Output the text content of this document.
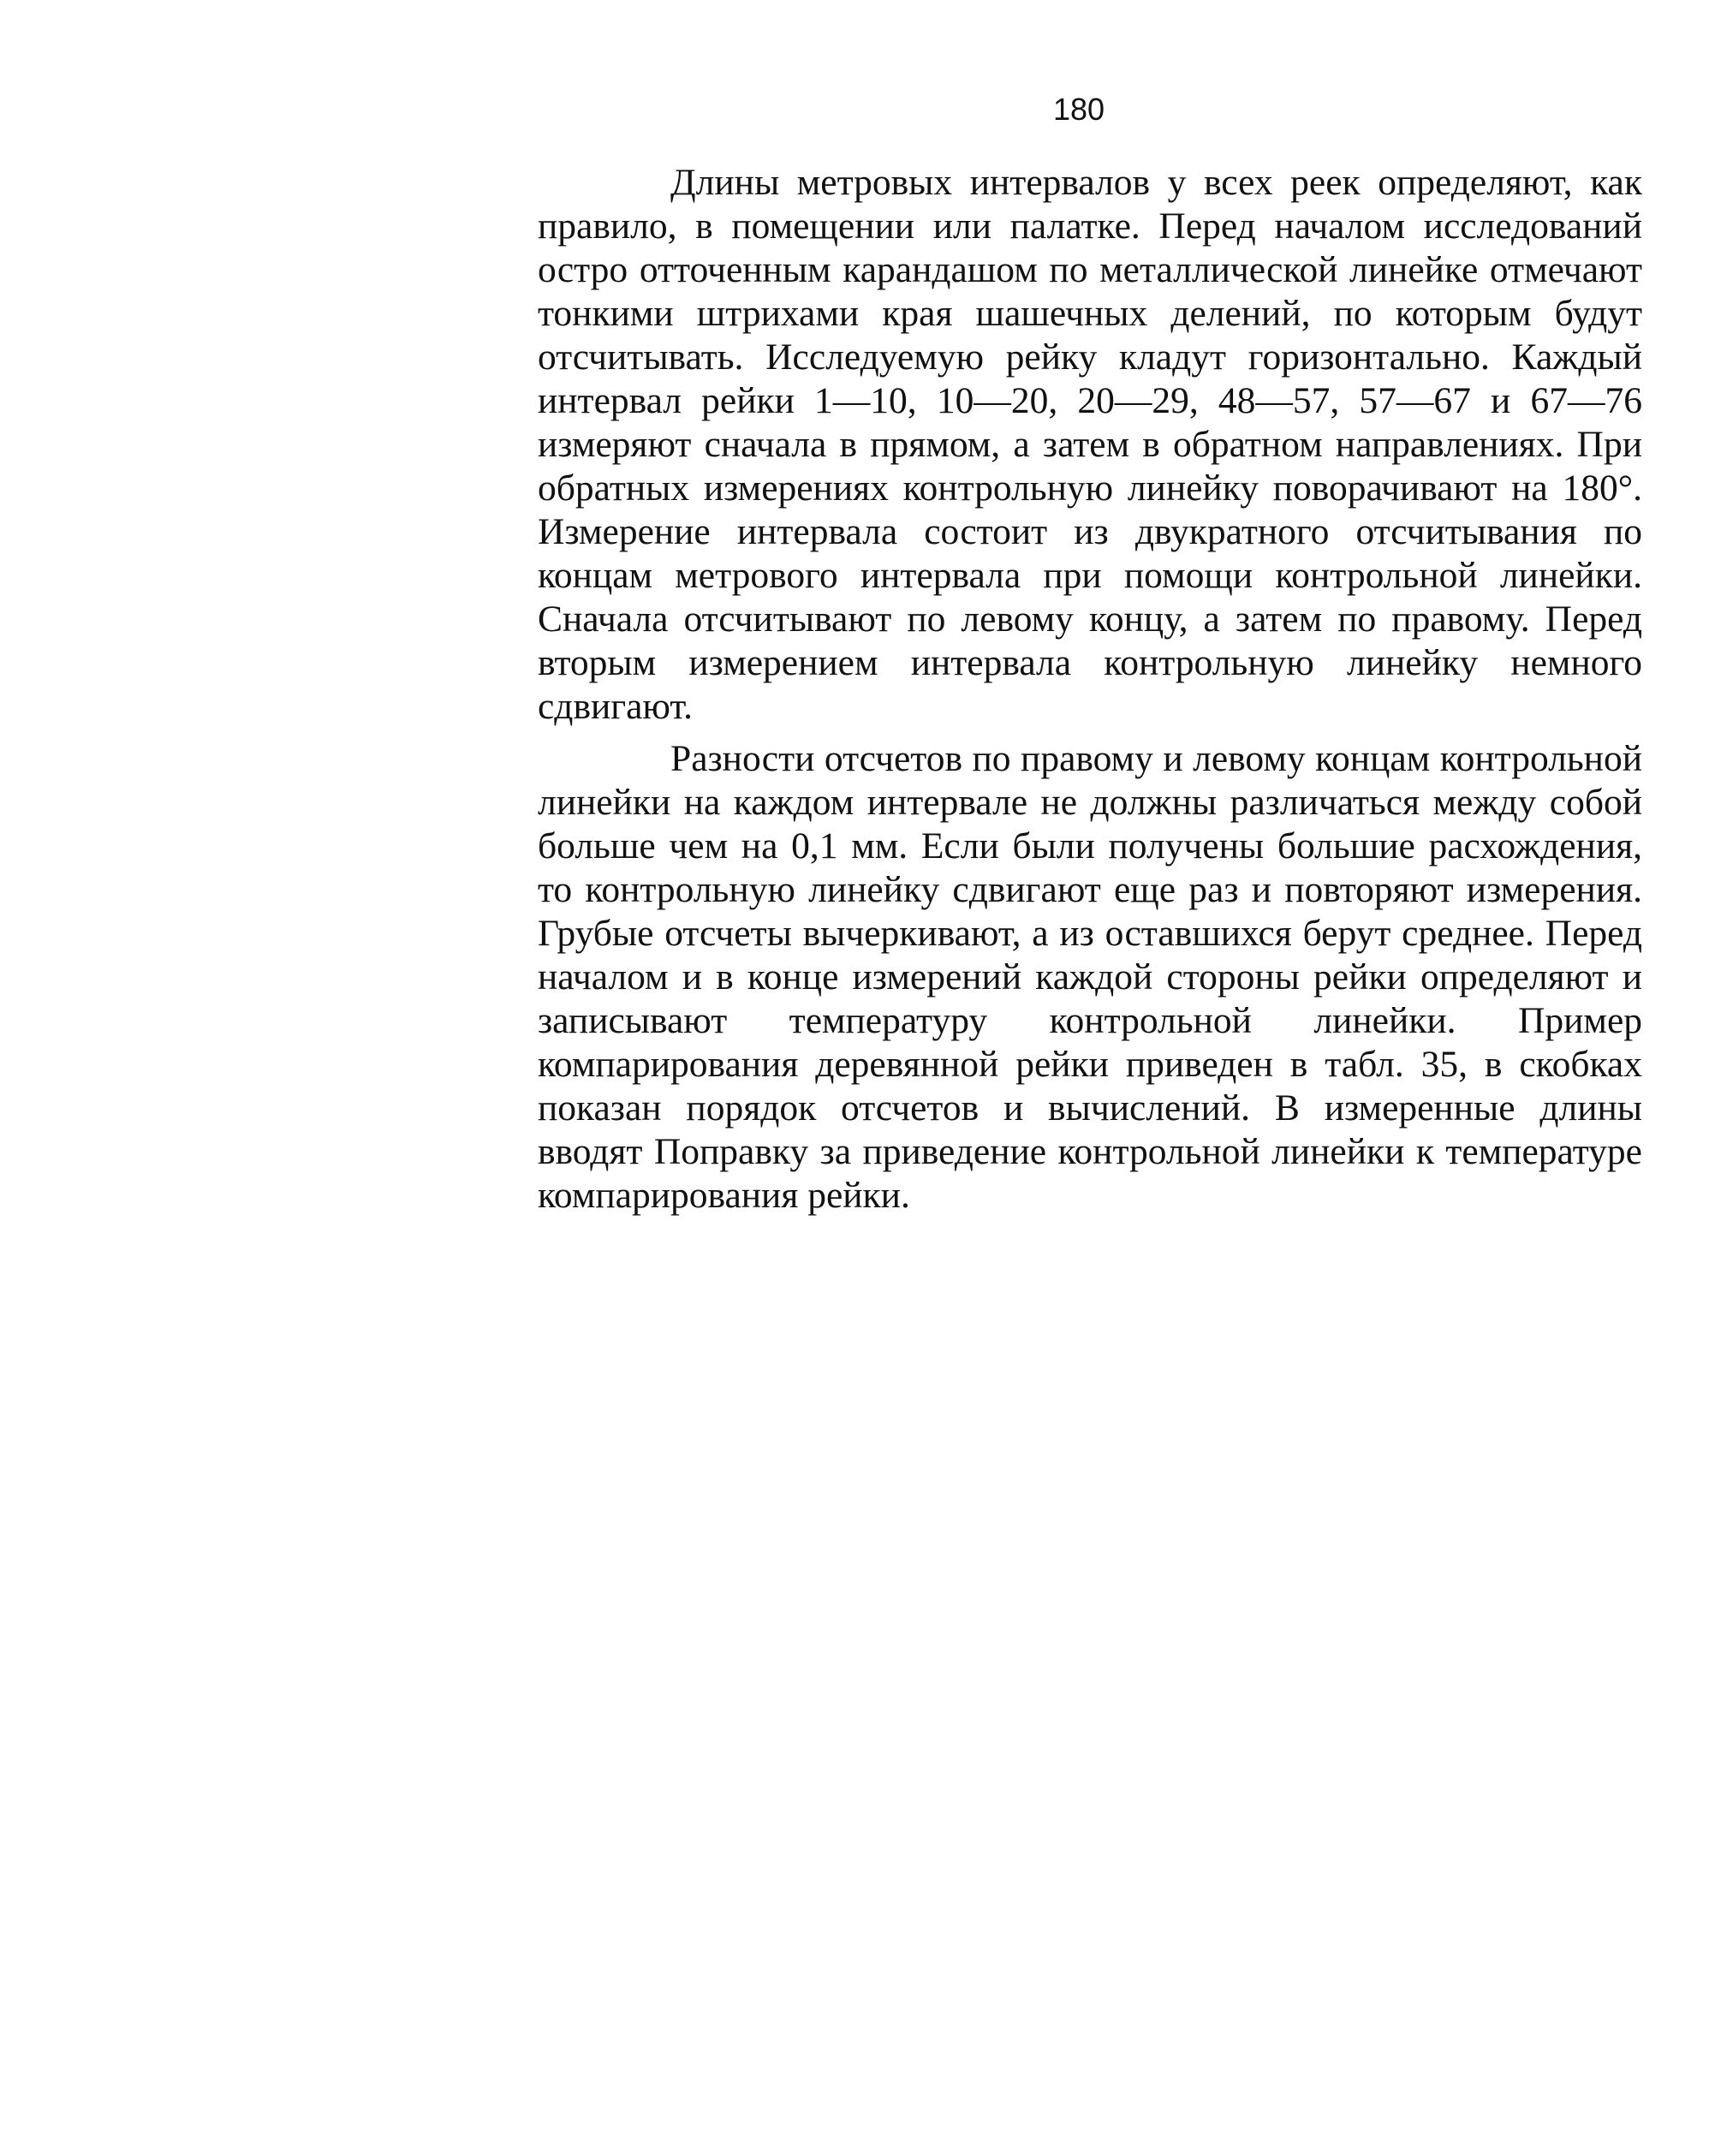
180

Длины метровых интервалов у всех реек определяют, как правило, в помещении или палатке. Перед началом исследований остро отточенным карандашом по металлической линейке отмечают тонкими штрихами края шашечных делений, по которым будут отсчитывать. Исследуемую рейку кладут горизонтально. Каждый интервал рейки 1—10, 10—20, 20—29, 48—57, 57—67 и 67—76 измеряют сначала в прямом, а затем в обратном направлениях. При обратных измерениях контрольную линейку поворачивают на 180°. Измерение интервала состоит из двукратного отсчитывания по концам метрового интервала при помощи контрольной линейки. Сначала отсчитывают по левому концу, а затем по правому. Перед вторым измерением интервала контрольную линейку немного сдвигают.

Разности отсчетов по правому и левому концам контрольной линейки на каждом интервале не должны различаться между собой больше чем на 0,1 мм. Если были получены большие расхождения, то контрольную линейку сдвигают еще раз и повторяют измерения. Грубые отсчеты вычеркивают, а из оставшихся берут среднее. Перед началом и в конце измерений каждой стороны рейки определяют и записывают температуру контрольной линейки. Пример компарирования деревянной рейки приведен в табл. 35, в скобках показан порядок отсчетов и вычислений. В измеренные длины вводят Поправку за приведение контрольной линейки к температуре компарирования рейки.
